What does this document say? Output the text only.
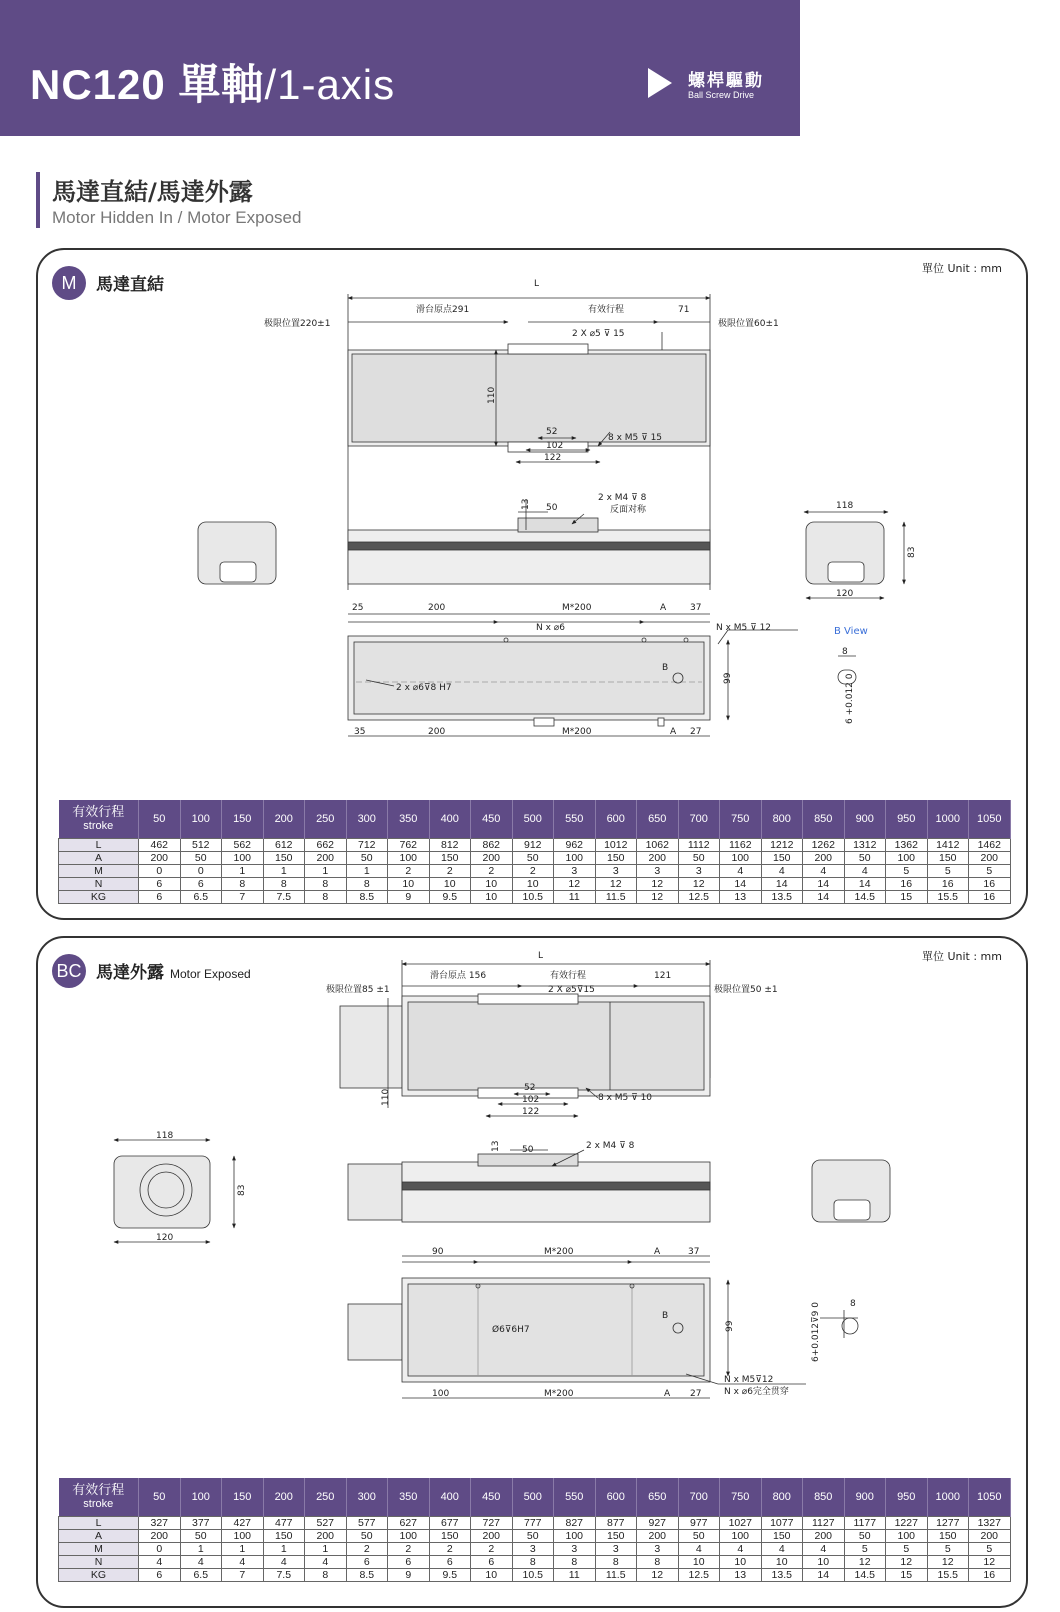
NC120 單軸/1-axis	螺桿驅動
Ball Screw Drive
馬達直結/馬達外露
Motor Hidden In / Motor Exposed
M	馬達直結
單位 Unit : mm
L
滑台原点291	有效行程	71
极限位置220±1	极限位置60±1
2 X ⌀5 ⊽ 15
110
52
102
122
8 x M5 ⊽ 15
13 50
2 x M4 ⊽ 8
反面对称	118
83
120
25	200	M*200	A	37
N x ⌀6	N x M5 ⊽ 12
2 x ⌀6⊽8 H7
B
99
35	200	M*200	A 27
B View
8
6 +0.012 0
有效行程
stroke	50	100	150	200	250	300	350	400	450	500	550	600	650	700	750	800	850	900	950	1000	1050
L	462	512	562	612	662	712	762	812	862	912	962	1012	1062	1112	1162	1212	1262	1312	1362	1412	1462
A	200	50	100	150	200	50	100	150	200	50	100	150	200	50	100	150	200	50	100	150	200
M	0	0	1	1	1	1	2	2	2	2	3	3	3	3	4	4	4	4	5	5	5
N	6	6	8	8	8	8	10	10	10	10	12	12	12	12	14	14	14	14	16	16	16
KG	6	6.5	7	7.5	8	8.5	9	9.5	10	10.5	11	11.5	12	12.5	13	13.5	14	14.5	15	15.5	16
BC 馬達外露 Motor Exposed
單位 Unit : mm
L
滑台原点 156	有效行程	121
极限位置85 ±1	极限位置50 ±1
2 X ⌀5⊽15
110
52
102
122
8 x M5 ⊽ 10
13 50	2 x M4 ⊽ 8
118
83
120
90	M*200	A	37
Ø6⊽6H7
B
99
100	M*200	A 27
N x M5⊽12
N x ⌀6完全贯穿
8
6+0.012⊽9 0
有效行程
stroke	50	100	150	200	250	300	350	400	450	500	550	600	650	700	750	800	850	900	950	1000	1050
L	327	377	427	477	527	577	627	677	727	777	827	877	927	977	1027	1077	1127	1177	1227	1277	1327
A	200	50	100	150	200	50	100	150	200	50	100	150	200	50	100	150	200	50	100	150	200
M	0	1	1	1	1	2	2	2	2	3	3	3	3	4	4	4	4	5	5	5	5
N	4	4	4	4	4	6	6	6	6	8	8	8	8	10	10	10	10	12	12	12	12
KG	6	6.5	7	7.5	8	8.5	9	9.5	10	10.5	11	11.5	12	12.5	13	13.5	14	14.5	15	15.5	16
